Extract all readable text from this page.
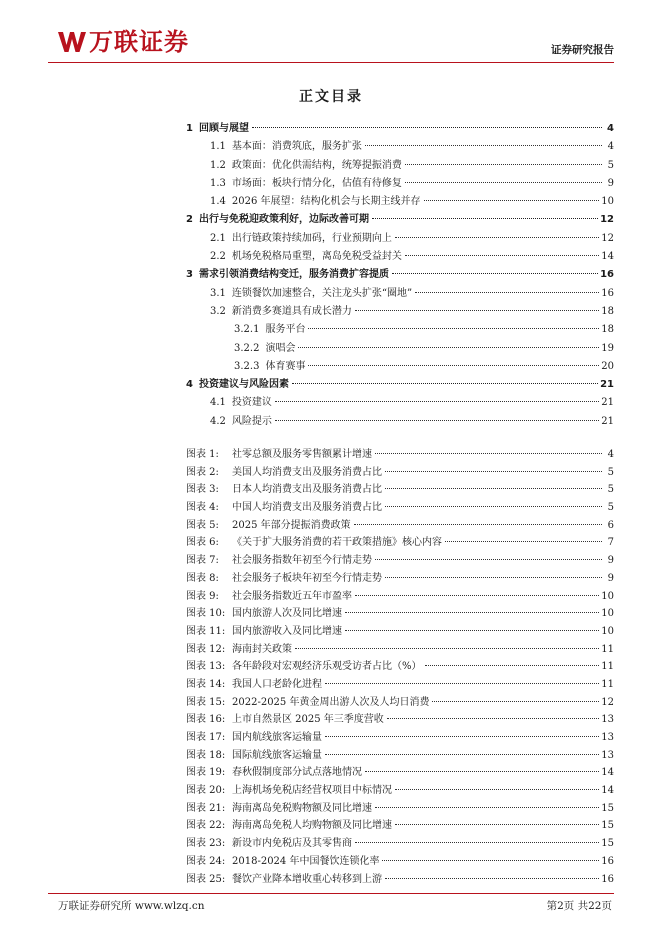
万联证券	证券研究报告
正文目录
1 回顾与展望	4
1.1 基本面：消费筑底，服务扩张	4
1.2 政策面：优化供需结构，统筹提振消费	5
1.3 市场面：板块行情分化，估值有待修复	9
1.4 2026 年展望：结构化机会与长期主线并存	10
2 出行与免税迎政策利好，边际改善可期	12
2.1 出行链政策持续加码，行业预期向上	12
2.2 机场免税格局重塑，离岛免税受益封关	14
3 需求引领消费结构变迁，服务消费扩容提质	16
3.1 连锁餐饮加速整合，关注龙头扩张“圈地”	16
3.2 新消费多赛道具有成长潜力	18
3.2.1 服务平台	18
3.2.2 演唱会	19
3.2.3 体育赛事	20
4 投资建议与风险因素	21
4.1 投资建议	21
4.2 风险提示	21
图表 1:	社零总额及服务零售额累计增速	4
图表 2:	美国人均消费支出及服务消费占比	5
图表 3:	日本人均消费支出及服务消费占比	5
图表 4:	中国人均消费支出及服务消费占比	5
图表 5:	2025 年部分提振消费政策	6
图表 6:	《关于扩大服务消费的若干政策措施》核心内容	7
图表 7:	社会服务指数年初至今行情走势	9
图表 8:	社会服务子板块年初至今行情走势	9
图表 9:	社会服务指数近五年市盈率	10
图表 10: 国内旅游人次及同比增速	10
图表 11: 国内旅游收入及同比增速	10
图表 12: 海南封关政策	11
图表 13: 各年龄段对宏观经济乐观受访者占比（%）	11
图表 14: 我国人口老龄化进程	11
图表 15: 2022-2025 年黄金周出游人次及人均日消费	12
图表 16: 上市自然景区 2025 年三季度营收	13
图表 17: 国内航线旅客运输量	13
图表 18: 国际航线旅客运输量	13
图表 19: 春秋假制度部分试点落地情况	14
图表 20: 上海机场免税店经营权项目中标情况	14
图表 21: 海南离岛免税购物额及同比增速	15
图表 22: 海南离岛免税人均购物额及同比增速	15
图表 23: 新设市内免税店及其零售商	15
图表 24: 2018-2024 年中国餐饮连锁化率	16
图表 25: 餐饮产业降本增收重心转移到上游	16
万联证券研究所 www.wlzq.cn	第2页 共22页
